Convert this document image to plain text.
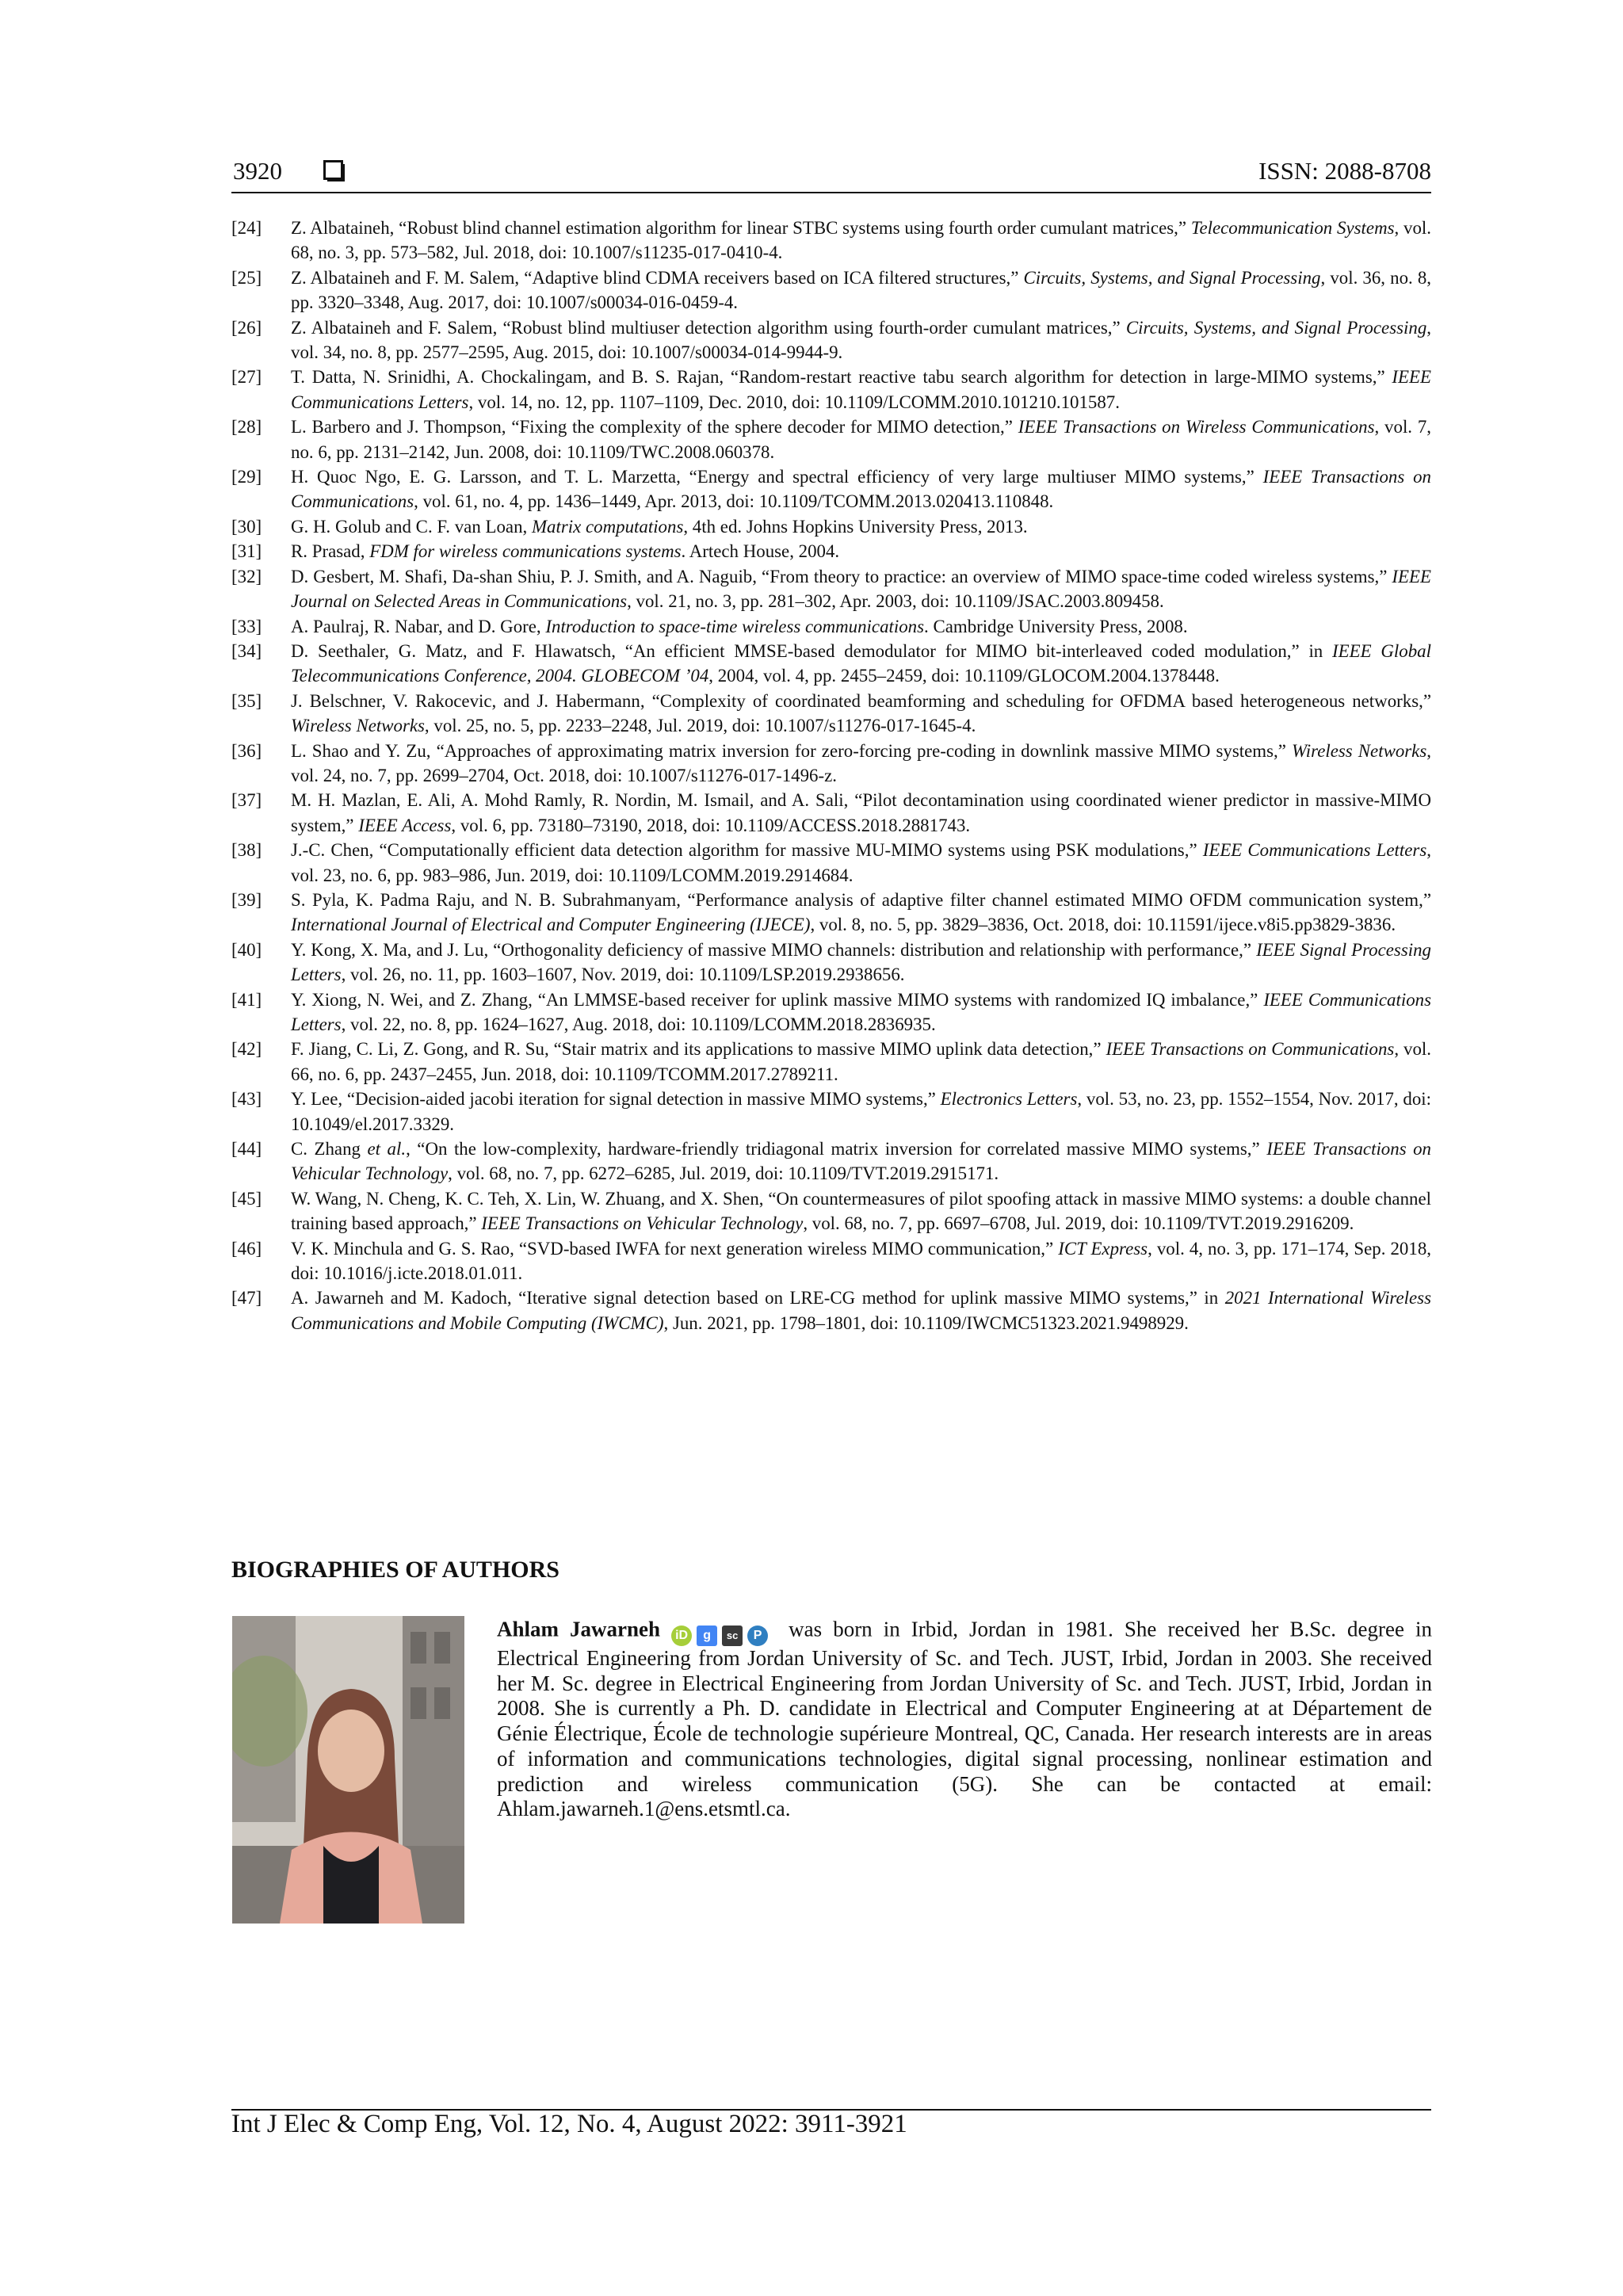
3920	ISSN: 2088-8708
[24] Z. Albataineh, “Robust blind channel estimation algorithm for linear STBC systems using fourth order cumulant matrices,” Telecommunication Systems, vol. 68, no. 3, pp. 573–582, Jul. 2018, doi: 10.1007/s11235-017-0410-4.
[25] Z. Albataineh and F. M. Salem, “Adaptive blind CDMA receivers based on ICA filtered structures,” Circuits, Systems, and Signal Processing, vol. 36, no. 8, pp. 3320–3348, Aug. 2017, doi: 10.1007/s00034-016-0459-4.
[26] Z. Albataineh and F. Salem, “Robust blind multiuser detection algorithm using fourth-order cumulant matrices,” Circuits, Systems, and Signal Processing, vol. 34, no. 8, pp. 2577–2595, Aug. 2015, doi: 10.1007/s00034-014-9944-9.
[27] T. Datta, N. Srinidhi, A. Chockalingam, and B. S. Rajan, “Random-restart reactive tabu search algorithm for detection in large-MIMO systems,” IEEE Communications Letters, vol. 14, no. 12, pp. 1107–1109, Dec. 2010, doi: 10.1109/LCOMM.2010.101210.101587.
[28] L. Barbero and J. Thompson, “Fixing the complexity of the sphere decoder for MIMO detection,” IEEE Transactions on Wireless Communications, vol. 7, no. 6, pp. 2131–2142, Jun. 2008, doi: 10.1109/TWC.2008.060378.
[29] H. Quoc Ngo, E. G. Larsson, and T. L. Marzetta, “Energy and spectral efficiency of very large multiuser MIMO systems,” IEEE Transactions on Communications, vol. 61, no. 4, pp. 1436–1449, Apr. 2013, doi: 10.1109/TCOMM.2013.020413.110848.
[30] G. H. Golub and C. F. van Loan, Matrix computations, 4th ed. Johns Hopkins University Press, 2013.
[31] R. Prasad, FDM for wireless communications systems. Artech House, 2004.
[32] D. Gesbert, M. Shafi, Da-shan Shiu, P. J. Smith, and A. Naguib, “From theory to practice: an overview of MIMO space-time coded wireless systems,” IEEE Journal on Selected Areas in Communications, vol. 21, no. 3, pp. 281–302, Apr. 2003, doi: 10.1109/JSAC.2003.809458.
[33] A. Paulraj, R. Nabar, and D. Gore, Introduction to space-time wireless communications. Cambridge University Press, 2008.
[34] D. Seethaler, G. Matz, and F. Hlawatsch, “An efficient MMSE-based demodulator for MIMO bit-interleaved coded modulation,” in IEEE Global Telecommunications Conference, 2004. GLOBECOM ’04, 2004, vol. 4, pp. 2455–2459, doi: 10.1109/GLOCOM.2004.1378448.
[35] J. Belschner, V. Rakocevic, and J. Habermann, “Complexity of coordinated beamforming and scheduling for OFDMA based heterogeneous networks,” Wireless Networks, vol. 25, no. 5, pp. 2233–2248, Jul. 2019, doi: 10.1007/s11276-017-1645-4.
[36] L. Shao and Y. Zu, “Approaches of approximating matrix inversion for zero-forcing pre-coding in downlink massive MIMO systems,” Wireless Networks, vol. 24, no. 7, pp. 2699–2704, Oct. 2018, doi: 10.1007/s11276-017-1496-z.
[37] M. H. Mazlan, E. Ali, A. Mohd Ramly, R. Nordin, M. Ismail, and A. Sali, “Pilot decontamination using coordinated wiener predictor in massive-MIMO system,” IEEE Access, vol. 6, pp. 73180–73190, 2018, doi: 10.1109/ACCESS.2018.2881743.
[38] J.-C. Chen, “Computationally efficient data detection algorithm for massive MU-MIMO systems using PSK modulations,” IEEE Communications Letters, vol. 23, no. 6, pp. 983–986, Jun. 2019, doi: 10.1109/LCOMM.2019.2914684.
[39] S. Pyla, K. Padma Raju, and N. B. Subrahmanyam, “Performance analysis of adaptive filter channel estimated MIMO OFDM communication system,” International Journal of Electrical and Computer Engineering (IJECE), vol. 8, no. 5, pp. 3829–3836, Oct. 2018, doi: 10.11591/ijece.v8i5.pp3829-3836.
[40] Y. Kong, X. Ma, and J. Lu, “Orthogonality deficiency of massive MIMO channels: distribution and relationship with performance,” IEEE Signal Processing Letters, vol. 26, no. 11, pp. 1603–1607, Nov. 2019, doi: 10.1109/LSP.2019.2938656.
[41] Y. Xiong, N. Wei, and Z. Zhang, “An LMMSE-based receiver for uplink massive MIMO systems with randomized IQ imbalance,” IEEE Communications Letters, vol. 22, no. 8, pp. 1624–1627, Aug. 2018, doi: 10.1109/LCOMM.2018.2836935.
[42] F. Jiang, C. Li, Z. Gong, and R. Su, “Stair matrix and its applications to massive MIMO uplink data detection,” IEEE Transactions on Communications, vol. 66, no. 6, pp. 2437–2455, Jun. 2018, doi: 10.1109/TCOMM.2017.2789211.
[43] Y. Lee, “Decision-aided jacobi iteration for signal detection in massive MIMO systems,” Electronics Letters, vol. 53, no. 23, pp. 1552–1554, Nov. 2017, doi: 10.1049/el.2017.3329.
[44] C. Zhang et al., “On the low-complexity, hardware-friendly tridiagonal matrix inversion for correlated massive MIMO systems,” IEEE Transactions on Vehicular Technology, vol. 68, no. 7, pp. 6272–6285, Jul. 2019, doi: 10.1109/TVT.2019.2915171.
[45] W. Wang, N. Cheng, K. C. Teh, X. Lin, W. Zhuang, and X. Shen, “On countermeasures of pilot spoofing attack in massive MIMO systems: a double channel training based approach,” IEEE Transactions on Vehicular Technology, vol. 68, no. 7, pp. 6697–6708, Jul. 2019, doi: 10.1109/TVT.2019.2916209.
[46] V. K. Minchula and G. S. Rao, “SVD-based IWFA for next generation wireless MIMO communication,” ICT Express, vol. 4, no. 3, pp. 171–174, Sep. 2018, doi: 10.1016/j.icte.2018.01.011.
[47] A. Jawarneh and M. Kadoch, “Iterative signal detection based on LRE-CG method for uplink massive MIMO systems,” in 2021 International Wireless Communications and Mobile Computing (IWCMC), Jun. 2021, pp. 1798–1801, doi: 10.1109/IWCMC51323.2021.9498929.
BIOGRAPHIES OF AUTHORS
Ahlam Jawarneh iD g sc P was born in Irbid, Jordan in 1981. She received her B.Sc. degree in Electrical Engineering from Jordan University of Sc. and Tech. JUST, Irbid, Jordan in 2003. She received her M. Sc. degree in Electrical Engineering from Jordan University of Sc. and Tech. JUST, Irbid, Jordan in 2008. She is currently a Ph. D. candidate in Electrical and Computer Engineering at at Département de Génie Électrique, École de technologie supérieure Montreal, QC, Canada. Her research interests are in areas of information and communications technologies, digital signal processing, nonlinear estimation and prediction and wireless communication (5G). She can be contacted at email: Ahlam.jawarneh.1@ens.etsmtl.ca.
Int J Elec & Comp Eng, Vol. 12, No. 4, August 2022: 3911-3921
